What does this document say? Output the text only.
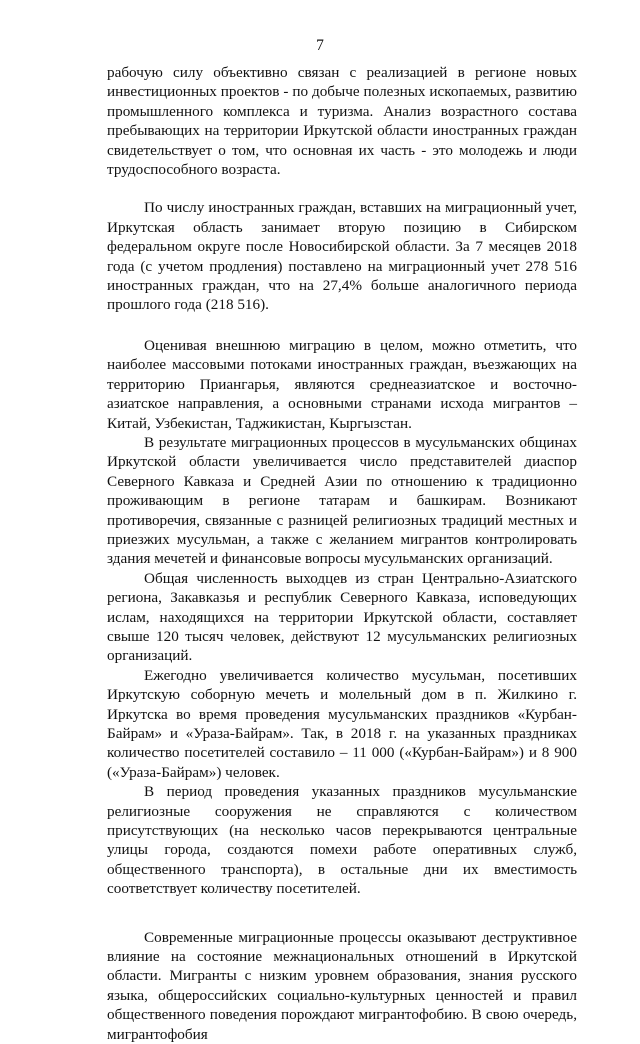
7

рабочую силу объективно связан с реализацией в регионе новых инвестиционных проектов - по добыче полезных ископаемых, развитию промышленного комплекса и туризма. Анализ возрастного состава пребывающих на территории Иркутской области иностранных граждан свидетельствует о том, что основная их часть - это молодежь и люди трудоспособного возраста.

По числу иностранных граждан, вставших на миграционный учет, Иркутская область занимает вторую позицию в Сибирском федеральном округе после Новосибирской области. За 7 месяцев 2018 года (с учетом продления) поставлено на миграционный учет 278 516 иностранных граждан, что на 27,4% больше аналогичного периода прошлого года (218 516).

Оценивая внешнюю миграцию в целом, можно отметить, что наиболее массовыми потоками иностранных граждан, въезжающих на территорию Приангарья, являются среднеазиатское и восточно-азиатское направления, а основными странами исхода мигрантов – Китай, Узбекистан, Таджикистан, Кыргызстан.

В результате миграционных процессов в мусульманских общинах Иркутской области увеличивается число представителей диаспор Северного Кавказа и Средней Азии по отношению к традиционно проживающим в регионе татарам и башкирам. Возникают противоречия, связанные с разницей религиозных традиций местных и приезжих мусульман, а также с желанием мигрантов контролировать здания мечетей и финансовые вопросы мусульманских организаций.

Общая численность выходцев из стран Центрально-Азиатского региона, Закавказья и республик Северного Кавказа, исповедующих ислам, находящихся на территории Иркутской области, составляет свыше 120 тысяч человек, действуют 12 мусульманских религиозных организаций.

Ежегодно увеличивается количество мусульман, посетивших Иркутскую соборную мечеть и молельный дом в п. Жилкино г. Иркутска во время проведения мусульманских праздников «Курбан-Байрам» и «Ураза-Байрам». Так, в 2018 г. на указанных праздниках количество посетителей составило – 11 000 («Курбан-Байрам») и 8 900 («Ураза-Байрам») человек.

В период проведения указанных праздников мусульманские религиозные сооружения не справляются с количеством присутствующих (на несколько часов перекрываются центральные улицы города, создаются помехи работе оперативных служб, общественного транспорта), в остальные дни их вместимость соответствует количеству посетителей.

Современные миграционные процессы оказывают деструктивное влияние на состояние межнациональных отношений в Иркутской области. Мигранты с низким уровнем образования, знания русского языка, общероссийских социально-культурных ценностей и правил общественного поведения порождают мигрантофобию. В свою очередь, мигрантофобия
